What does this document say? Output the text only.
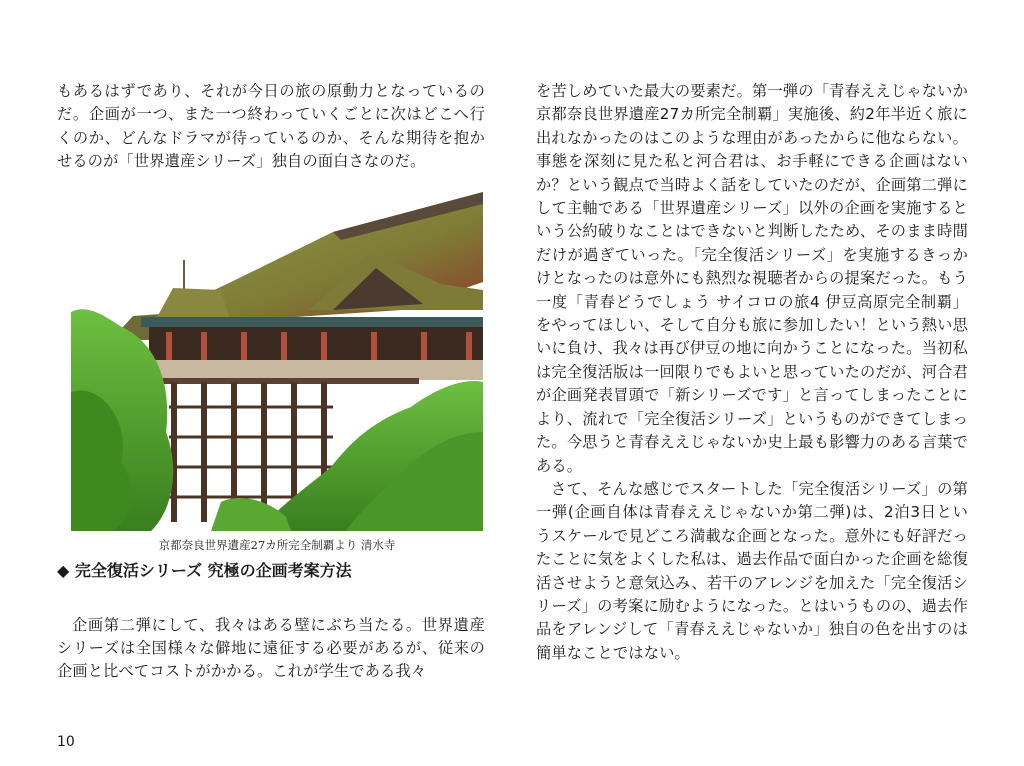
もあるはずであり、それが今日の旅の原動力となっているのだ。企画が一つ、また一つ終わっていくごとに次はどこへ行くのか、どんなドラマが待っているのか、そんな期待を抱かせるのが「世界遺産シリーズ」独自の面白さなのだ。

京都奈良世界遺産27カ所完全制覇より 清水寺
◆ 完全復活シリーズ 究極の企画考案方法

企画第二弾にして、我々はある壁にぶち当たる。世界遺産シリーズは全国様々な僻地に遠征する必要があるが、従来の企画と比べてコストがかかる。これが学生である我々

を苦しめていた最大の要素だ。第一弾の「青春ええじゃないか 京都奈良世界遺産27カ所完全制覇」実施後、約2年半近く旅に出れなかったのはこのような理由があったからに他ならない。事態を深刻に見た私と河合君は、お手軽にできる企画はないか？という観点で当時よく話をしていたのだが、企画第二弾にして主軸である「世界遺産シリーズ」以外の企画を実施するという公約破りなことはできないと判断したため、そのまま時間だけが過ぎていった。「完全復活シリーズ」を実施するきっかけとなったのは意外にも熱烈な視聴者からの提案だった。もう一度「青春どうでしょう サイコロの旅4 伊豆高原完全制覇」をやってほしい、そして自分も旅に参加したい！という熱い思いに負け、我々は再び伊豆の地に向かうことになった。当初私は完全復活版は一回限りでもよいと思っていたのだが、河合君が企画発表冒頭で「新シリーズです」と言ってしまったことにより、流れで「完全復活シリーズ」というものができてしまった。今思うと青春ええじゃないか史上最も影響力のある言葉である。

さて、そんな感じでスタートした「完全復活シリーズ」の第一弾(企画自体は青春ええじゃないか第二弾)は、2泊3日というスケールで見どころ満載な企画となった。意外にも好評だったことに気をよくした私は、過去作品で面白かった企画を総復活させようと意気込み、若干のアレンジを加えた「完全復活シリーズ」の考案に励むようになった。とはいうものの、過去作品をアレンジして「青春ええじゃないか」独自の色を出すのは簡単なことではない。

10
